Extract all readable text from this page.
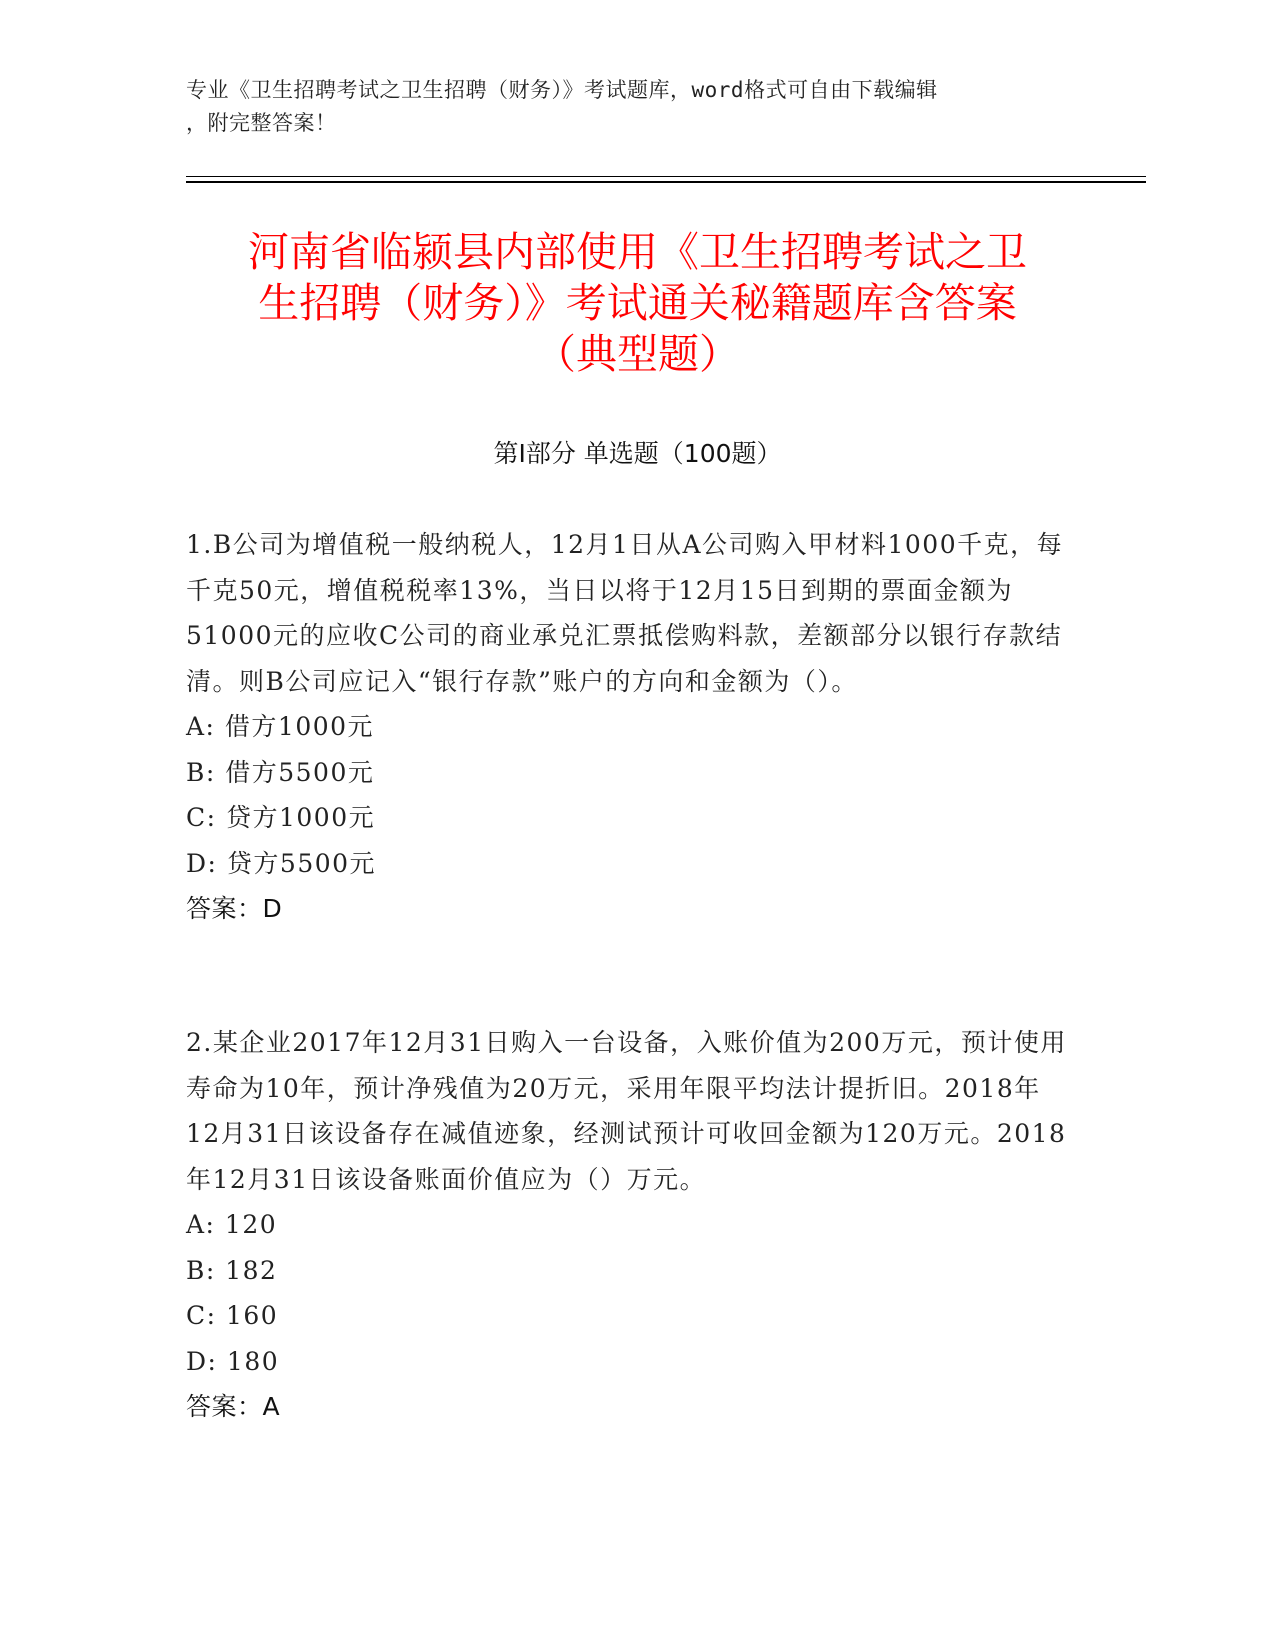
专业《卫生招聘考试之卫生招聘（财务）》考试题库，word格式可自由下载编辑
，附完整答案！
河南省临颍县内部使用《卫生招聘考试之卫
生招聘（财务）》考试通关秘籍题库含答案
（典型题）
第Ⅰ部分 单选题（100题）

1.B公司为增值税一般纳税人，12月1日从A公司购入甲材料1000千克，每千克50元，增值税税率13%，当日以将于12月15日到期的票面金额为51000元的应收C公司的商业承兑汇票抵偿购料款，差额部分以银行存款结清。则B公司应记入“银行存款”账户的方向和金额为（）。

A: 借方1000元

B: 借方5500元

C: 贷方1000元

D: 贷方5500元

答案：D

2.某企业2017年12月31日购入一台设备，入账价值为200万元，预计使用寿命为10年，预计净残值为20万元，采用年限平均法计提折旧。2018年12月31日该设备存在减值迹象，经测试预计可收回金额为120万元。2018年12月31日该设备账面价值应为（）万元。

A: 120

B: 182

C: 160

D: 180

答案：A
